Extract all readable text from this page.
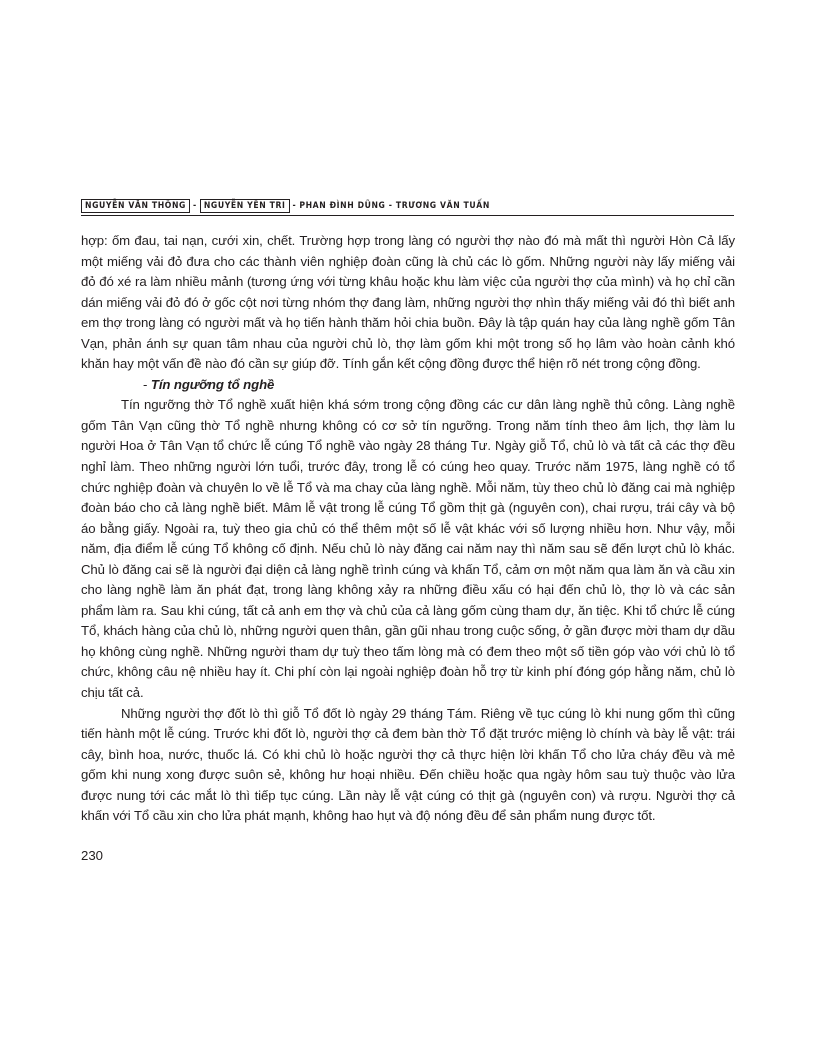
NGUYỄN VĂN THÔNG - NGUYỄN YÊN TRI - PHAN ĐÌNH DŨNG - TRƯƠNG VĂN TUẤN

hợp: ốm đau, tai nạn, cưới xin, chết. Trường hợp trong làng có người thợ nào đó mà mất thì người Hòn Cả lấy một miếng vải đỏ đưa cho các thành viên nghiệp đoàn cũng là chủ các lò gốm. Những người này lấy miếng vải đỏ đó xé ra làm nhiều mảnh (tương ứng với từng khâu hoặc khu làm việc của người thợ của mình) và họ chỉ cần dán miếng vải đỏ đó ở gốc cột nơi từng nhóm thợ đang làm, những người thợ nhìn thấy miếng vải đó thì biết anh em thợ trong làng có người mất và họ tiến hành thăm hỏi chia buồn. Đây là tập quán hay của làng nghề gốm Tân Vạn, phản ánh sự quan tâm nhau của người chủ lò, thợ làm gốm khi một trong số họ lâm vào hoàn cảnh khó khăn hay một vấn đề nào đó cần sự giúp đỡ. Tính gắn kết cộng đồng được thể hiện rõ nét trong cộng đồng.

- Tín ngưỡng tổ nghề

Tín ngưỡng thờ Tổ nghề xuất hiện khá sớm trong cộng đồng các cư dân làng nghề thủ công. Làng nghề gốm Tân Vạn cũng thờ Tổ nghề nhưng không có cơ sở tín ngưỡng. Trong năm tính theo âm lịch, thợ làm lu người Hoa ở Tân Vạn tổ chức lễ cúng Tổ nghề vào ngày 28 tháng Tư. Ngày giỗ Tổ, chủ lò và tất cả các thợ đều nghỉ làm. Theo những người lớn tuổi, trước đây, trong lễ có cúng heo quay. Trước năm 1975, làng nghề có tổ chức nghiệp đoàn và chuyên lo về lễ Tổ và ma chay của làng nghề. Mỗi năm, tùy theo chủ lò đăng cai mà nghiệp đoàn báo cho cả làng nghề biết. Mâm lễ vật trong lễ cúng Tổ gồm thịt gà (nguyên con), chai rượu, trái cây và bộ áo bằng giấy. Ngoài ra, tuỳ theo gia chủ có thể thêm một số lễ vật khác với số lượng nhiều hơn. Như vậy, mỗi năm, địa điểm lễ cúng Tổ không cố định. Nếu chủ lò này đăng cai năm nay thì năm sau sẽ đến lượt chủ lò khác. Chủ lò đăng cai sẽ là người đại diện cả làng nghề trình cúng và khấn Tổ, cảm ơn một năm qua làm ăn và cầu xin cho làng nghề làm ăn phát đạt, trong làng không xảy ra những điều xấu có hại đến chủ lò, thợ lò và các sản phẩm làm ra. Sau khi cúng, tất cả anh em thợ và chủ của cả làng gốm cùng tham dự, ăn tiệc. Khi tổ chức lễ cúng Tổ, khách hàng của chủ lò, những người quen thân, gần gũi nhau trong cuộc sống, ở gần được mời tham dự dầu họ không cùng nghề. Những người tham dự tuỳ theo tấm lòng mà có đem theo một số tiền góp vào với chủ lò tổ chức, không câu nệ nhiều hay ít. Chi phí còn lại ngoài nghiệp đoàn hỗ trợ từ kinh phí đóng góp hằng năm, chủ lò chịu tất cả.

Những người thợ đốt lò thì giỗ Tổ đốt lò ngày 29 tháng Tám. Riêng về tục cúng lò khi nung gốm thì cũng tiến hành một lễ cúng. Trước khi đốt lò, người thợ cả đem bàn thờ Tổ đặt trước miệng lò chính và bày lễ vật: trái cây, bình hoa, nước, thuốc lá. Có khi chủ lò hoặc người thợ cả thực hiện lời khấn Tổ cho lửa cháy đều và mẻ gốm khi nung xong được suôn sẻ, không hư hoại nhiều. Đến chiều hoặc qua ngày hôm sau tuỳ thuộc vào lửa được nung tới các mắt lò thì tiếp tục cúng. Lần này lễ vật cúng có thịt gà (nguyên con) và rượu. Người thợ cả khấn với Tổ cầu xin cho lửa phát mạnh, không hao hụt và độ nóng đều để sản phẩm nung được tốt.

230
